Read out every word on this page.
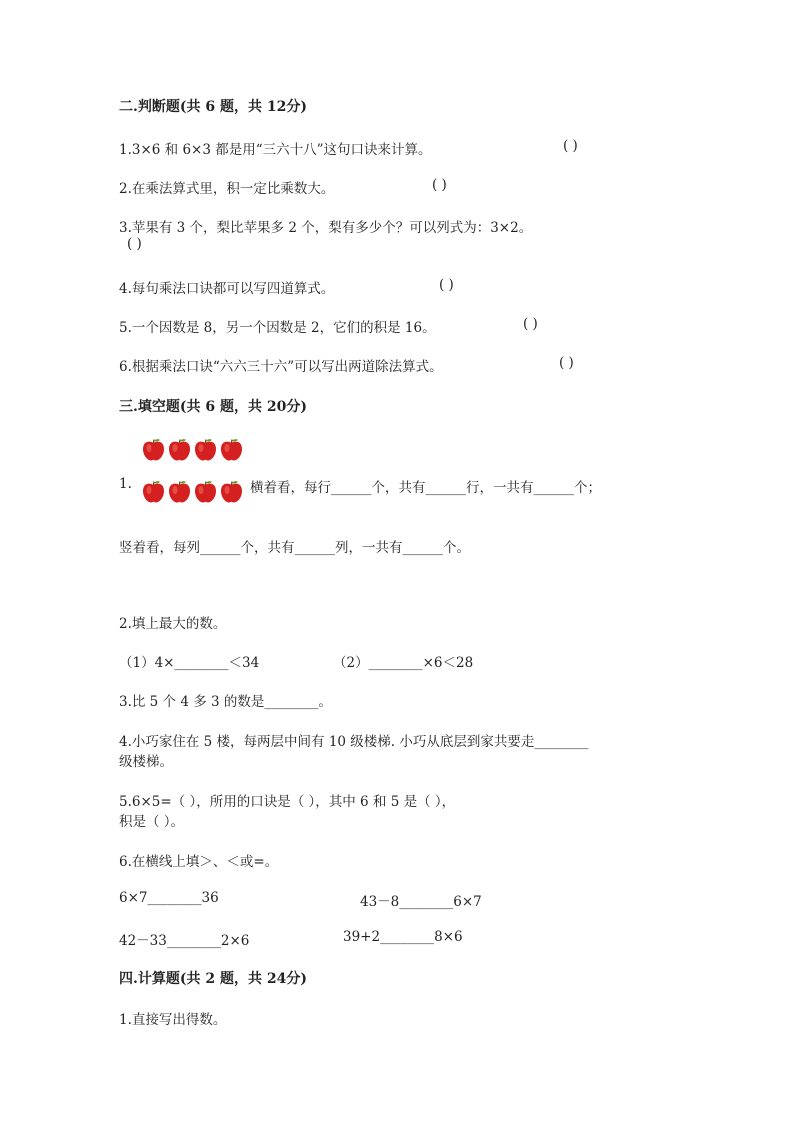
二.判断题(共 6 题，共 12分)
1.3×6 和 6×3 都是用“三六十八”这句口诀来计算。	( )
2.在乘法算式里，积一定比乘数大。	( )
3.苹果有 3 个，梨比苹果多 2 个，梨有多少个？可以列式为：3×2。
( )
4.每句乘法口诀都可以写四道算式。	( )
5.一个因数是 8，另一个因数是 2，它们的积是 16。	( )
6.根据乘法口诀“六六三十六”可以写出两道除法算式。	( )
三.填空题(共 6 题，共 20分)
1.	横着看，每行______个，共有______行，一共有______个；
竖着看，每列______个，共有______列，一共有______个。
2.填上最大的数。
（1）4×________＜34	（2）________×6＜28
3.比 5 个 4 多 3 的数是________。
4.小巧家住在 5 楼，每两层中间有 10 级楼梯. 小巧从底层到家共要走________
级楼梯。
5.6×5=（ ），所用的口诀是（ ），其中 6 和 5 是（ ），
积是（ ）。
6.在横线上填＞、＜或=。
6×7________36	43－8________6×7
42－33________2×6	39+2________8×6
四.计算题(共 2 题，共 24分)
1.直接写出得数。
